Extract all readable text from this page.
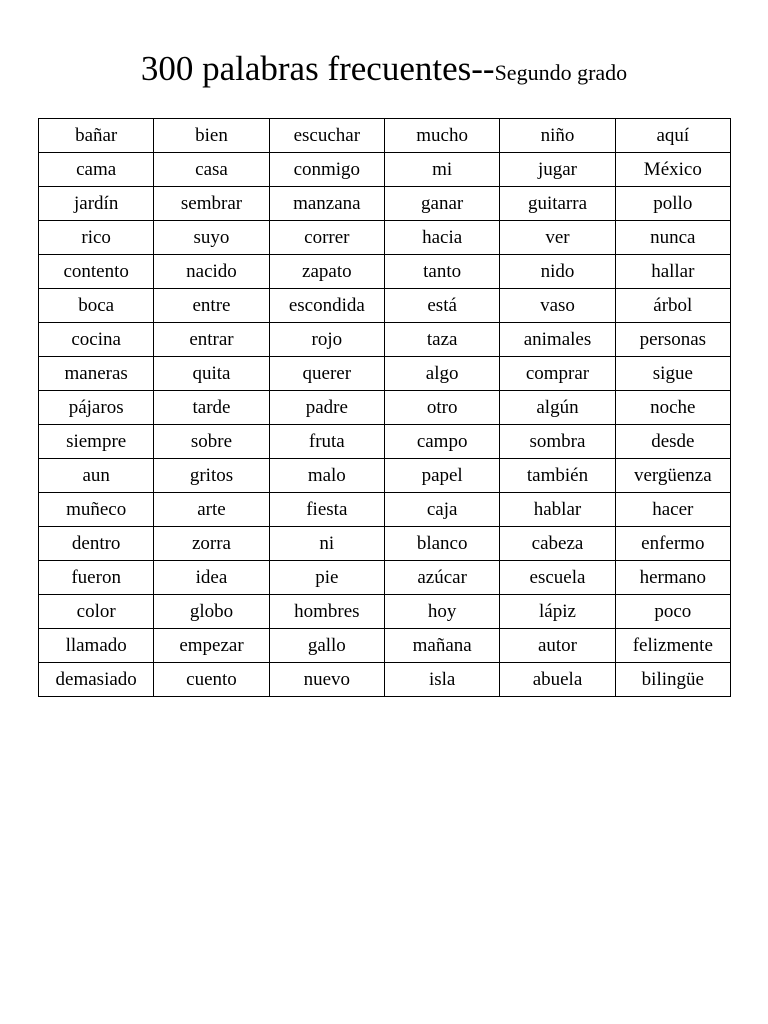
300 palabras frecuentes--Segundo grado
bañar	bien	escuchar	mucho	niño	aquí
cama	casa	conmigo	mi	jugar	México
jardín	sembrar	manzana	ganar	guitarra	pollo
rico	suyo	correr	hacia	ver	nunca
contento	nacido	zapato	tanto	nido	hallar
boca	entre	escondida	está	vaso	árbol
cocina	entrar	rojo	taza	animales	personas
maneras	quita	querer	algo	comprar	sigue
pájaros	tarde	padre	otro	algún	noche
siempre	sobre	fruta	campo	sombra	desde
aun	gritos	malo	papel	también	vergüenza
muñeco	arte	fiesta	caja	hablar	hacer
dentro	zorra	ni	blanco	cabeza	enfermo
fueron	idea	pie	azúcar	escuela	hermano
color	globo	hombres	hoy	lápiz	poco
llamado	empezar	gallo	mañana	autor	felizmente
demasiado	cuento	nuevo	isla	abuela	bilingüe
